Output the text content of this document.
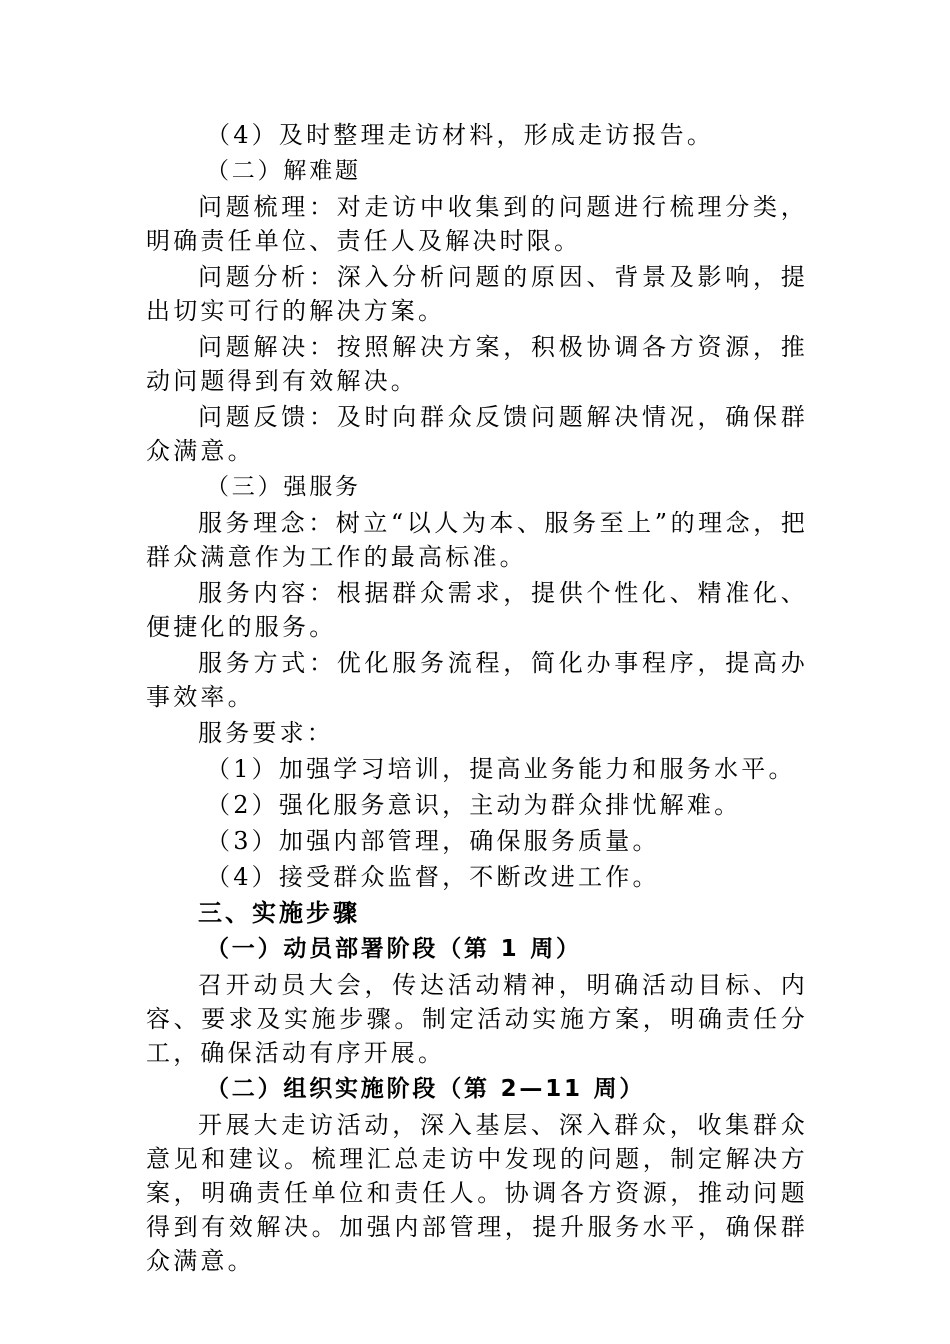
（4）及时整理走访材料，形成走访报告。

（二）解难题

问题梳理：对走访中收集到的问题进行梳理分类，明确责任单位、责任人及解决时限。

问题分析：深入分析问题的原因、背景及影响，提出切实可行的解决方案。

问题解决：按照解决方案，积极协调各方资源，推动问题得到有效解决。

问题反馈：及时向群众反馈问题解决情况，确保群众满意。

（三）强服务

服务理念：树立“以人为本、服务至上”的理念，把群众满意作为工作的最高标准。

服务内容：根据群众需求，提供个性化、精准化、便捷化的服务。

服务方式：优化服务流程，简化办事程序，提高办事效率。

服务要求：

（1）加强学习培训，提高业务能力和服务水平。

（2）强化服务意识，主动为群众排忧解难。

（3）加强内部管理，确保服务质量。

（4）接受群众监督，不断改进工作。

三、实施步骤

（一）动员部署阶段（第 1 周）

召开动员大会，传达活动精神，明确活动目标、内容、要求及实施步骤。制定活动实施方案，明确责任分工，确保活动有序开展。

（二）组织实施阶段（第 2—11 周）

开展大走访活动，深入基层、深入群众，收集群众意见和建议。梳理汇总走访中发现的问题，制定解决方案，明确责任单位和责任人。协调各方资源，推动问题得到有效解决。加强内部管理，提升服务水平，确保群众满意。
